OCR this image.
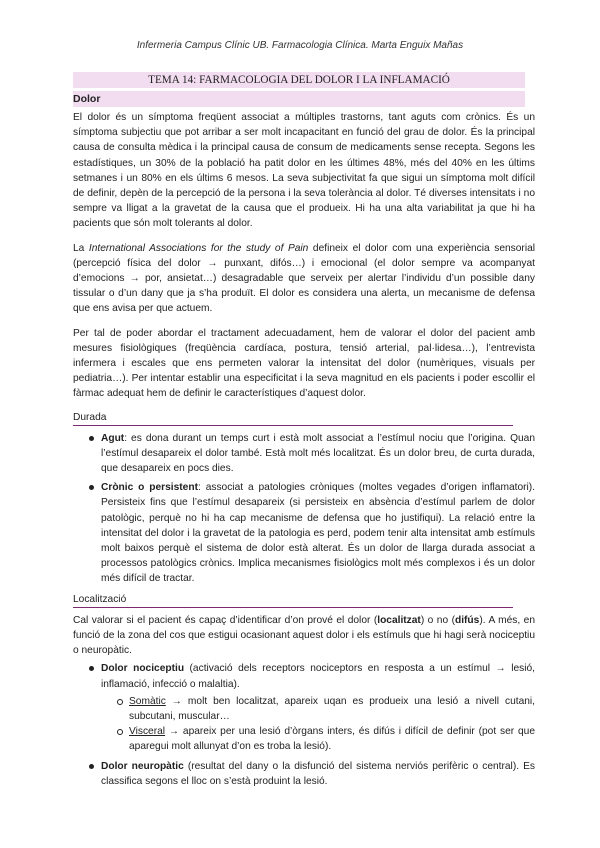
Infermeria Campus Clínic UB. Farmacologia Clínica. Marta Enguix Mañas
TEMA 14: FARMACOLOGIA DEL DOLOR I LA INFLAMACIÓ
Dolor

El dolor és un símptoma freqüent associat a múltiples trastorns, tant aguts com crònics. És un símptoma subjectiu que pot arribar a ser molt incapacitant en funció del grau de dolor. És la principal causa de consulta mèdica i la principal causa de consum de medicaments sense recepta. Segons les estadístiques, un 30% de la població ha patit dolor en les últimes 48%, més del 40% en les últims setmanes i un 80% en els últims 6 mesos. La seva subjectivitat fa que sigui un símptoma molt difícil de definir, depèn de la percepció de la persona i la seva tolerància al dolor. Té diverses intensitats i no sempre va lligat a la gravetat de la causa que el produeix. Hi ha una alta variabilitat ja que hi ha pacients que són molt tolerants al dolor.

La International Associations for the study of Pain defineix el dolor com una experiència sensorial (percepció física del dolor → punxant, difós…) i emocional (el dolor sempre va acompanyat d’emocions → por, ansietat…) desagradable que serveix per alertar l’individu d’un possible dany tissular o d’un dany que ja s’ha produït. El dolor es considera una alerta, un mecanisme de defensa que ens avisa per que actuem.

Per tal de poder abordar el tractament adecuadament, hem de valorar el dolor del pacient amb mesures fisiològiques (freqüència cardíaca, postura, tensió arterial, pal·lidesa…), l’entrevista infermera i escales que ens permeten valorar la intensitat del dolor (numèriques, visuals per pediatria…). Per intentar establir una especificitat i la seva magnitud en els pacients i poder escollir el fàrmac adequat hem de definir le característiques d’aquest dolor.

Durada
Agut: es dona durant un temps curt i està molt associat a l’estímul nociu que l’origina. Quan l’estímul desapareix el dolor també. Està molt més localitzat. És un dolor breu, de curta durada, que desapareix en pocs dies.
Crònic o persistent: associat a patologies cròniques (moltes vegades d’origen inflamatori). Persisteix fins que l’estímul desapareix (si persisteix en absència d’estímul parlem de dolor patològic, perquè no hi ha cap mecanisme de defensa que ho justifiqui). La relació entre la intensitat del dolor i la gravetat de la patologia es perd, podem tenir alta intensitat amb estímuls molt baixos perquè el sistema de dolor està alterat. És un dolor de llarga durada associat a processos patològics crònics. Implica mecanismes fisiològics molt més complexos i és un dolor més difícil de tractar.
Localització

Cal valorar si el pacient és capaç d’identificar d’on prové el dolor (localitzat) o no (difús). A més, en funció de la zona del cos que estigui ocasionant aquest dolor i els estímuls que hi hagi serà nociceptiu o neuropàtic.

Dolor nociceptiu (activació dels receptors nociceptors en resposta a un estímul → lesió, inflamació, infecció o malaltia).
Somàtic → molt ben localitzat, apareix uqan es produeix una lesió a nivell cutani, subcutani, muscular…
Visceral → apareix per una lesió d’òrgans inters, és difús i difícil de definir (pot ser que aparegui molt allunyat d’on es troba la lesió).
Dolor neuropàtic (resultat del dany o la disfunció del sistema nerviós perifèric o central). Es classifica segons el lloc on s’està produint la lesió.
